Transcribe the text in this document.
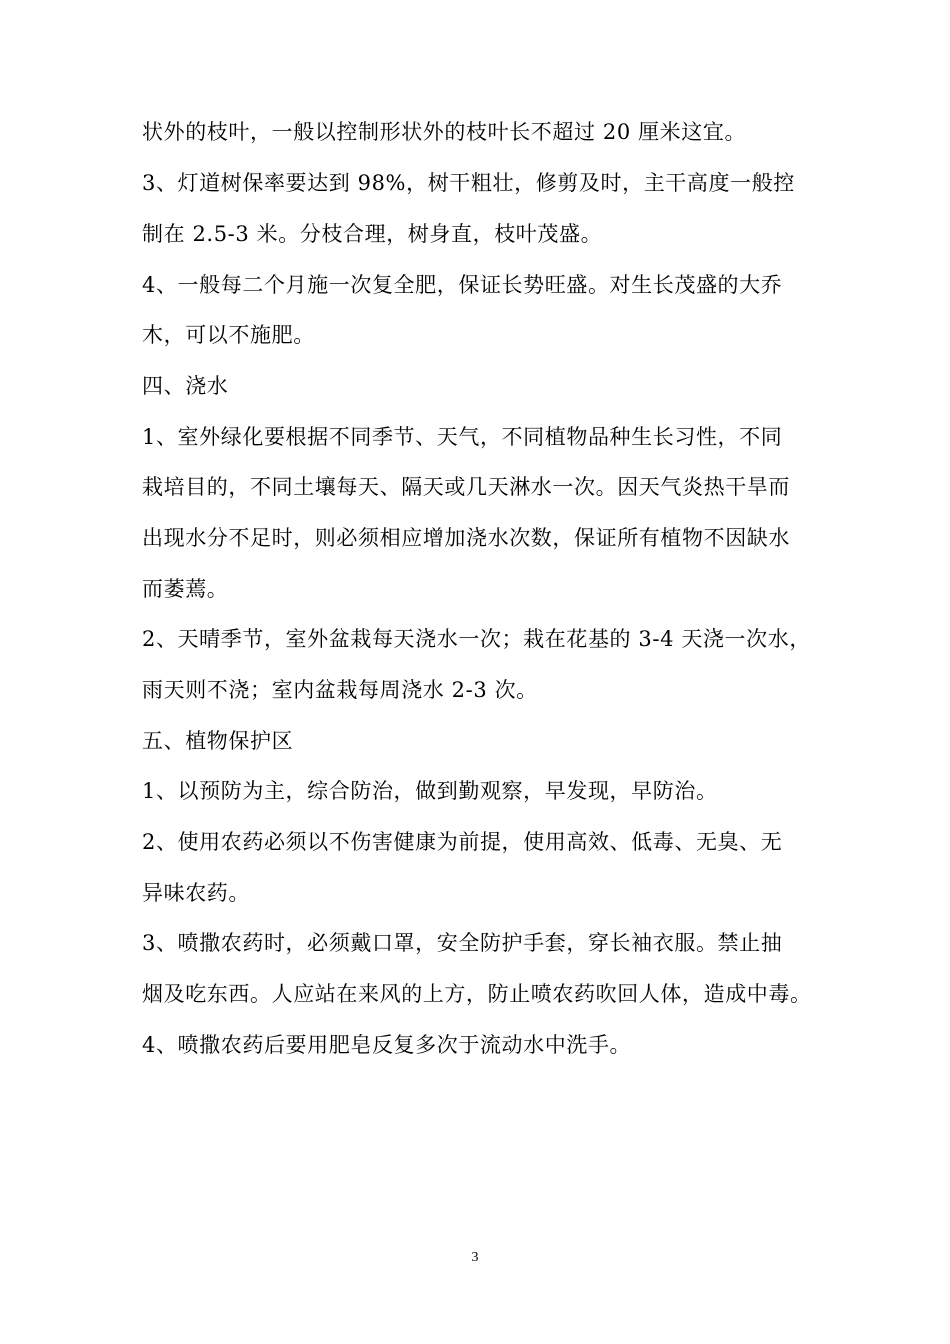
状外的枝叶，一般以控制形状外的枝叶长不超过 20 厘米这宜。
3、灯道树保率要达到 98%，树干粗壮，修剪及时，主干高度一般控
制在 2.5-3 米。分枝合理，树身直，枝叶茂盛。
4、一般每二个月施一次复全肥，保证长势旺盛。对生长茂盛的大乔
木，可以不施肥。
四、浇水
1、室外绿化要根据不同季节、天气，不同植物品种生长习性，不同
栽培目的，不同土壤每天、隔天或几天淋水一次。因天气炎热干旱而
出现水分不足时，则必须相应增加浇水次数，保证所有植物不因缺水
而萎蔫。
2、天晴季节，室外盆栽每天浇水一次；栽在花基的 3-4 天浇一次水，
雨天则不浇；室内盆栽每周浇水 2-3 次。
五、植物保护区
1、以预防为主，综合防治，做到勤观察，早发现，早防治。
2、使用农药必须以不伤害健康为前提，使用高效、低毒、无臭、无
异味农药。
3、喷撒农药时，必须戴口罩，安全防护手套，穿长袖衣服。禁止抽
烟及吃东西。人应站在来风的上方，防止喷农药吹回人体，造成中毒。
4、喷撒农药后要用肥皂反复多次于流动水中洗手。
3
